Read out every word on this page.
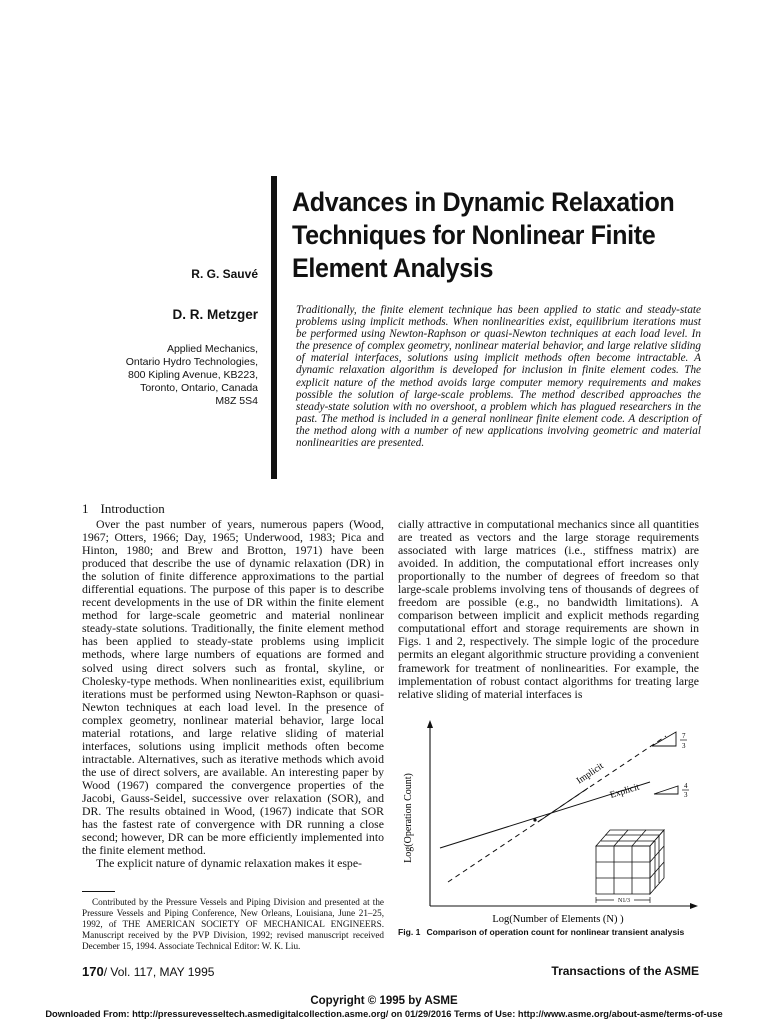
R. G. Sauvé
D. R. Metzger
Applied Mechanics,
Ontario Hydro Technologies,
800 Kipling Avenue, KB223,
Toronto, Ontario, Canada M8Z 5S4
Advances in Dynamic Relaxation
Techniques for Nonlinear Finite
Element Analysis
Traditionally, the finite element technique has been applied to static and steady-state problems using implicit methods. When nonlinearities exist, equilibrium iterations must be performed using Newton-Raphson or quasi-Newton techniques at each load level. In the presence of complex geometry, nonlinear material behavior, and large relative sliding of material interfaces, solutions using implicit methods often become intractable. A dynamic relaxation algorithm is developed for inclusion in finite element codes. The explicit nature of the method avoids large computer memory requirements and makes possible the solution of large-scale problems. The method described approaches the steady-state solution with no overshoot, a problem which has plagued researchers in the past. The method is included in a general nonlinear finite element code. A description of the method along with a number of new applications involving geometric and material nonlinearities are presented.
1 Introduction

Over the past number of years, numerous papers (Wood, 1967; Otters, 1966; Day, 1965; Underwood, 1983; Pica and Hinton, 1980; and Brew and Brotton, 1971) have been produced that describe the use of dynamic relaxation (DR) in the solution of finite difference approximations to the partial differential equations. The purpose of this paper is to describe recent developments in the use of DR within the finite element method for large-scale geometric and material nonlinear steady-state solutions. Traditionally, the finite element method has been applied to steady-state problems using implicit methods, where large numbers of equations are formed and solved using direct solvers such as frontal, skyline, or Cholesky-type methods. When nonlinearities exist, equilibrium iterations must be performed using Newton-Raphson or quasi-Newton techniques at each load level. In the presence of complex geometry, nonlinear material behavior, large local material rotations, and large relative sliding of material interfaces, solutions using implicit methods often become intractable. Alternatives, such as iterative methods which avoid the use of direct solvers, are available. An interesting paper by Wood (1967) compared the convergence properties of the Jacobi, Gauss-Seidel, successive over relaxation (SOR), and DR. The results obtained in Wood, (1967) indicate that SOR has the fastest rate of convergence with DR running a close second; however, DR can be more efficiently implemented into the finite element method.

The explicit nature of dynamic relaxation makes it espe-

cially attractive in computational mechanics since all quantities are treated as vectors and the large storage requirements associated with large matrices (i.e., stiffness matrix) are avoided. In addition, the computational effort increases only proportionally to the number of degrees of freedom so that large-scale problems involving tens of thousands of degrees of freedom are possible (e.g., no bandwidth limitations). A comparison between implicit and explicit methods regarding computational effort and storage requirements are shown in Figs. 1 and 2, respectively. The simple logic of the procedure permits an elegant algorithmic structure providing a convenient framework for treatment of nonlinearities. For example, the implementation of robust contact algorithms for treating large relative sliding of material interfaces is

Contributed by the Pressure Vessels and Piping Division and presented at the Pressure Vessels and Piping Conference, New Orleans, Louisiana, June 21–25, 1992, of THE AMERICAN SOCIETY OF MECHANICAL ENGINEERS. Manuscript received by the PVP Division, 1992; revised manuscript received December 15, 1994. Associate Technical Editor: W. K. Liu.
Log(Operation Count)
Log(Number of Elements (N) )
Implicit
7
3
Explicit	4
3
N1/3
Fig. 1 Comparison of operation count for nonlinear transient analysis
170/ Vol. 117, MAY 1995	Transactions of the ASME
Copyright © 1995 by ASME
Downloaded From: http://pressurevesseltech.asmedigitalcollection.asme.org/ on 01/29/2016 Terms of Use: http://www.asme.org/about-asme/terms-of-use
